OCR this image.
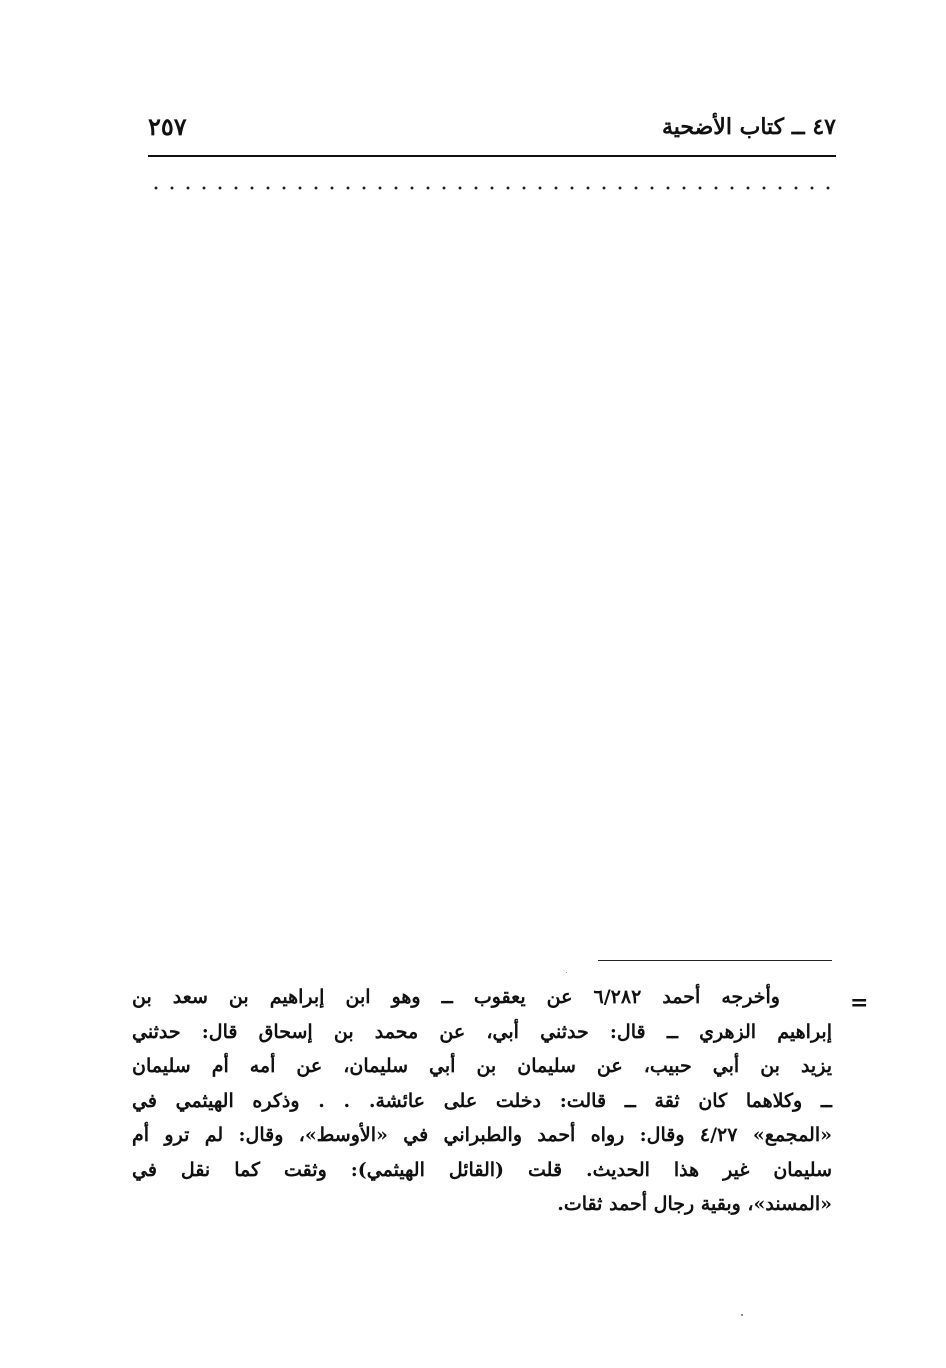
٤٧ ــ كتاب الأضحية
٢٥٧
=
وأخرجه أحمد ٦/٢٨٢ عن يعقوب ــ وهو ابن إبراهيم بن سعد بن
إبراهيم الزهري ــ قال: حدثني أبي، عن محمد بن إسحاق قال: حدثني
يزيد بن أبي حبيب، عن سليمان بن أبي سليمان، عن أمه أم سليمان
ــ وكلاهما كان ثقة ــ قالت: دخلت على عائشة. . . وذكره الهيثمي في
«المجمع» ٤/٢٧ وقال: رواه أحمد والطبراني في «الأوسط»، وقال: لم ترو أم
سليمان غير هذا الحديث. قلت (القائل الهيثمي): وثقت كما نقل في
«المسند»، وبقية رجال أحمد ثقات.
